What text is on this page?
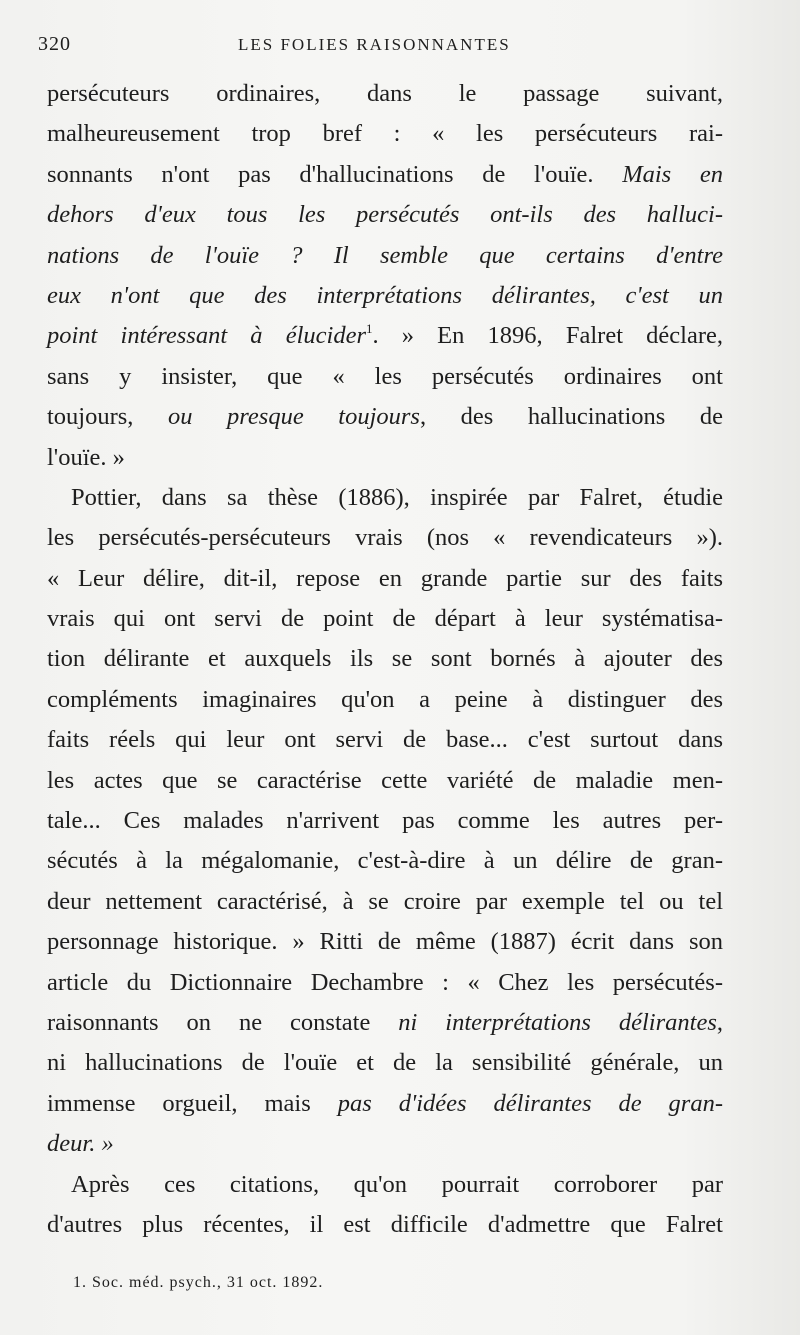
320	LES FOLIES RAISONNANTES
persécuteurs ordinaires, dans le passage suivant,
malheureusement trop bref : « les persécuteurs rai-
sonnants n'ont pas d'hallucinations de l'ouïe. Mais en
dehors d'eux tous les persécutés ont-ils des halluci-
nations de l'ouïe ? Il semble que certains d'entre
eux n'ont que des interprétations délirantes, c'est un
point intéressant à élucider$^1$. » En 1896, Falret déclare,
sans y insister, que « les persécutés ordinaires ont
toujours, ou presque toujours, des hallucinations de
l'ouïe. »
Pottier, dans sa thèse (1886), inspirée par Falret, étudie
les persécutés-persécuteurs vrais (nos « revendicateurs »).
« Leur délire, dit-il, repose en grande partie sur des faits
vrais qui ont servi de point de départ à leur systématisa-
tion délirante et auxquels ils se sont bornés à ajouter des
compléments imaginaires qu'on a peine à distinguer des
faits réels qui leur ont servi de base... c'est surtout dans
les actes que se caractérise cette variété de maladie men-
tale... Ces malades n'arrivent pas comme les autres per-
sécutés à la mégalomanie, c'est-à-dire à un délire de gran-
deur nettement caractérisé, à se croire par exemple tel ou tel
personnage historique. » Ritti de même (1887) écrit dans son
article du Dictionnaire Dechambre : « Chez les persécutés-
raisonnants on ne constate ni interprétations délirantes,
ni hallucinations de l'ouïe et de la sensibilité générale, un
immense orgueil, mais pas d'idées délirantes de gran-
deur. »
Après ces citations, qu'on pourrait corroborer par
d'autres plus récentes, il est difficile d'admettre que Falret
1. Soc. méd. psych., 31 oct. 1892.
